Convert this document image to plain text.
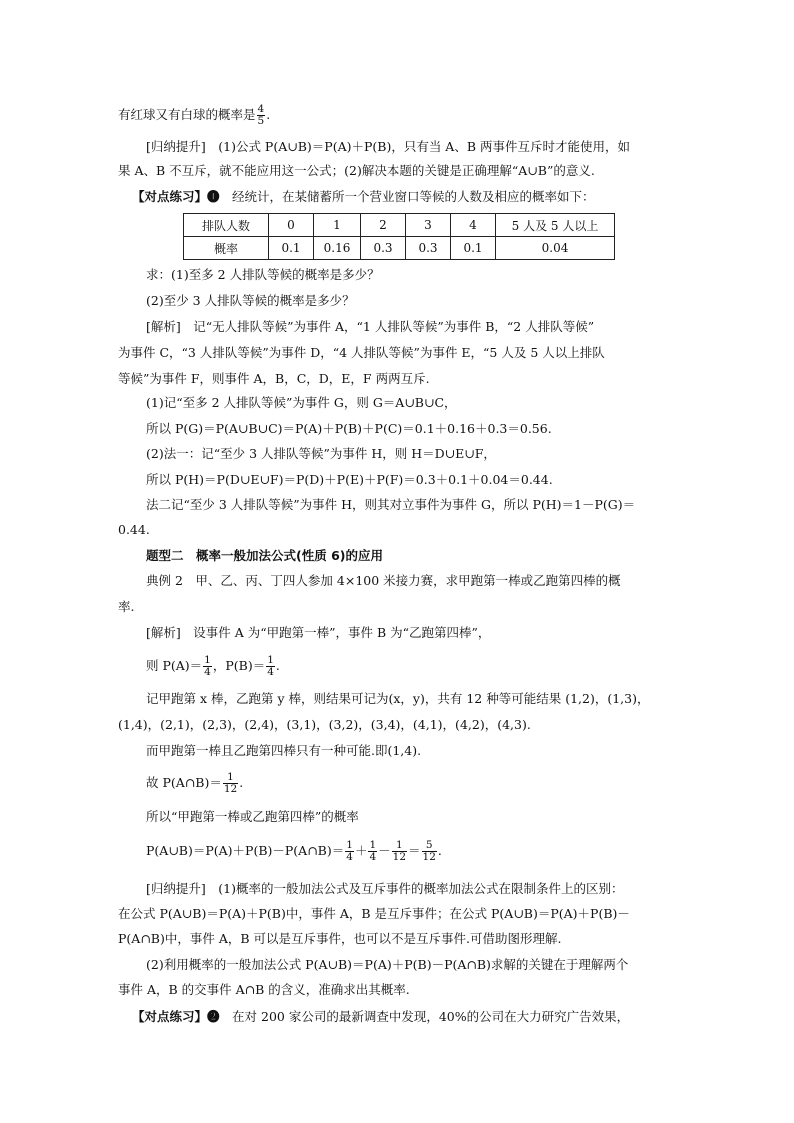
有红球又有白球的概率是 $\frac{4}{5}$ .
[归纳提升]　(1)公式 P(A∪B)＝P(A)＋P(B)，只有当 A、B 两事件互斥时才能使用，如
果 A、B 不互斥，就不能应用这一公式；(2)解决本题的关键是正确理解“A∪B”的意义.
【对点练习】❶　经统计，在某储蓄所一个营业窗口等候的人数及相应的概率如下：
排队人数	0	1	2	3	4	5 人及 5 人以上
概率	0.1	0.16	0.3	0.3	0.1	0.04
求：(1)至多 2 人排队等候的概率是多少？
(2)至少 3 人排队等候的概率是多少？
[解析]　记“无人排队等候”为事件 A，“1 人排队等候”为事件 B，“2 人排队等候”
为事件 C，“3 人排队等候”为事件 D，“4 人排队等候”为事件 E，“5 人及 5 人以上排队
等候”为事件 F，则事件 A，B，C，D，E，F 两两互斥.
(1)记“至多 2 人排队等候”为事件 G，则 G＝A∪B∪C，
所以 P(G)＝P(A∪B∪C)＝P(A)＋P(B)＋P(C)＝0.1＋0.16＋0.3＝0.56.
(2)法一：记“至少 3 人排队等候”为事件 H，则 H＝D∪E∪F，
所以 P(H)＝P(D∪E∪F)＝P(D)＋P(E)＋P(F)＝0.3＋0.1＋0.04＝0.44.
法二记“至少 3 人排队等候”为事件 H，则其对立事件为事件 G，所以 P(H)＝1－P(G)＝
0.44.
题型二　概率一般加法公式(性质 6)的应用
典例 2　甲、乙、丙、丁四人参加 4×100 米接力赛，求甲跑第一棒或乙跑第四棒的概
率.
[解析]　设事件 A 为“甲跑第一棒”，事件 B 为“乙跑第四棒”，
则 $P(A)= \frac{1}{4}$ ，$P(B)= \frac{1}{4}$ .
记甲跑第 x 棒，乙跑第 y 棒，则结果可记为(x，y)，共有 12 种等可能结果 (1,2)，(1,3)，
(1,4)，(2,1)，(2,3)，(2,4)，(3,1)，(3,2)，(3,4)，(4,1)，(4,2)，(4,3).
而甲跑第一棒且乙跑第四棒只有一种可能.即(1,4).
故 P(A∩B)＝ $\frac{1}{12}$ .
所以“甲跑第一棒或乙跑第四棒”的概率
P(A∪B)＝P(A)＋P(B)－P(A∩B)＝ $\frac{1}{4} + \frac{1}{4} - \frac{1}{12} = \frac{5}{12}$ .
[归纳提升]　(1)概率的一般加法公式及互斥事件的概率加法公式在限制条件上的区别：
在公式 P(A∪B)＝P(A)＋P(B)中，事件 A，B 是互斥事件；在公式 P(A∪B)＝P(A)＋P(B)－
P(A∩B)中，事件 A，B 可以是互斥事件，也可以不是互斥事件.可借助图形理解.
(2)利用概率的一般加法公式 P(A∪B)＝P(A)＋P(B)－P(A∩B)求解的关键在于理解两个
事件 A，B 的交事件 A∩B 的含义，准确求出其概率.
【对点练习】❷　在对 200 家公司的最新调查中发现，40%的公司在大力研究广告效果，
